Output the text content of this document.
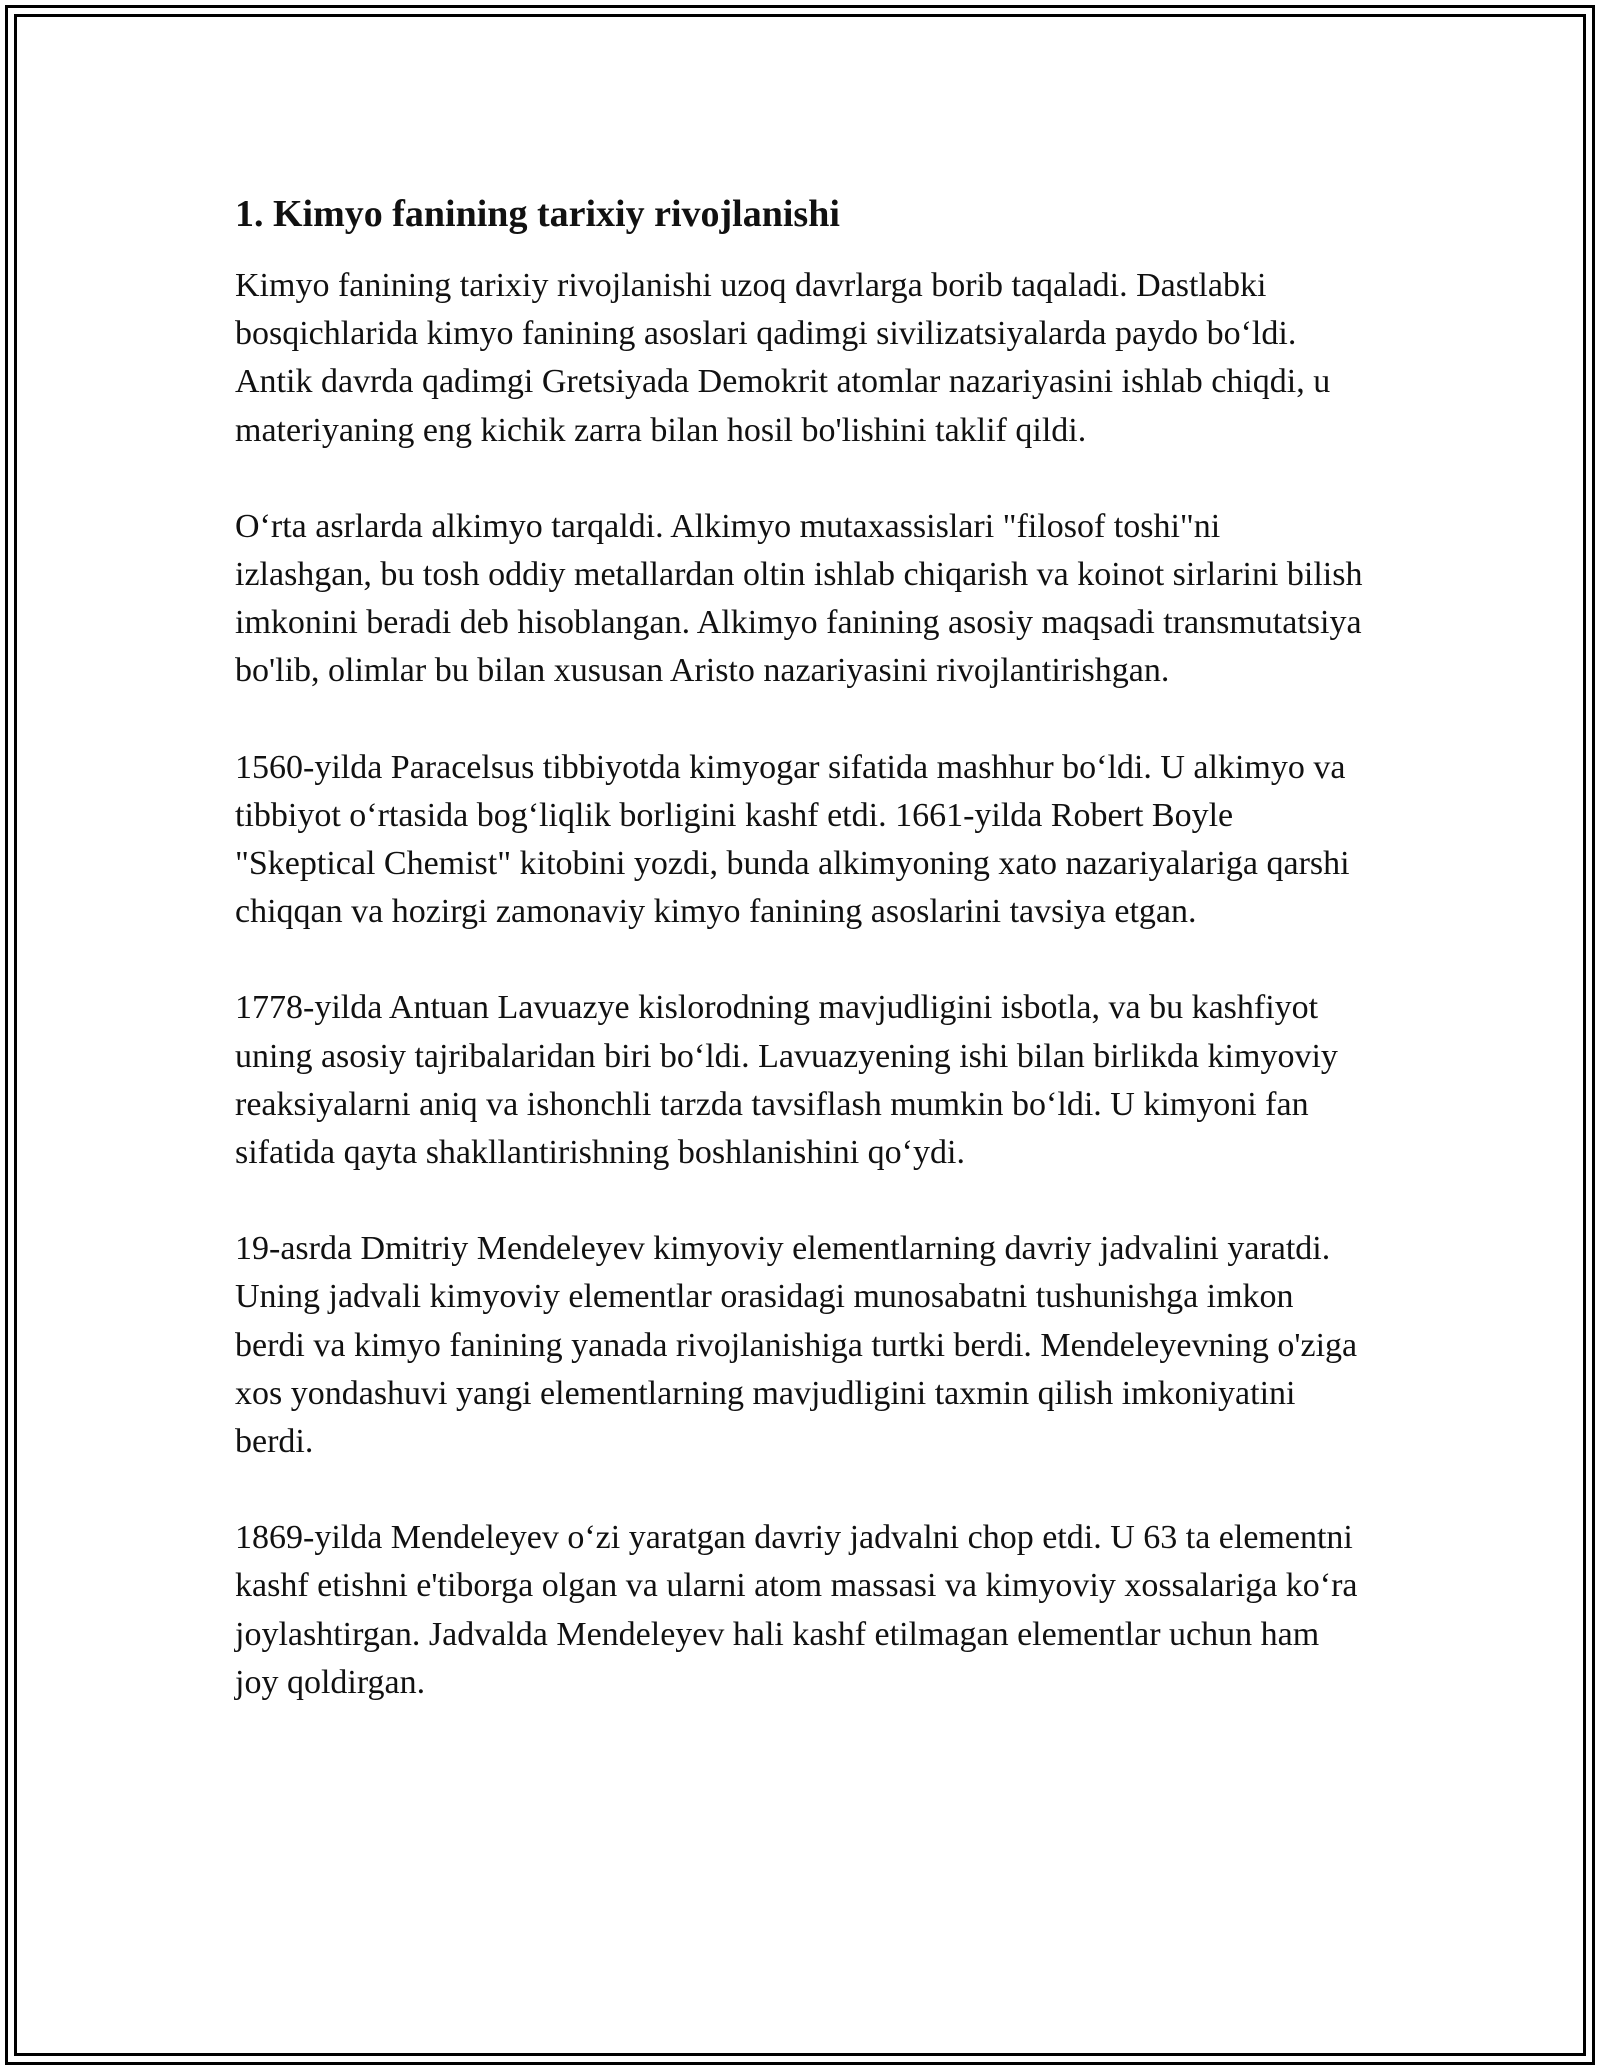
1. Kimyo fanining tarixiy rivojlanishi

Kimyo fanining tarixiy rivojlanishi uzoq davrlarga borib taqaladi. Dastlabki bosqichlarida kimyo fanining asoslari qadimgi sivilizatsiyalarda paydo bo‘ldi. Antik davrda qadimgi Gretsiyada Demokrit atomlar nazariyasini ishlab chiqdi, u materiyaning eng kichik zarra bilan hosil bo'lishini taklif qildi.

O‘rta asrlarda alkimyo tarqaldi. Alkimyo mutaxassislari "filosof toshi"ni izlashgan, bu tosh oddiy metallardan oltin ishlab chiqarish va koinot sirlarini bilish imkonini beradi deb hisoblangan. Alkimyo fanining asosiy maqsadi transmutatsiya bo'lib, olimlar bu bilan xususan Aristo nazariyasini rivojlantirishgan.

1560-yilda Paracelsus tibbiyotda kimyogar sifatida mashhur bo‘ldi. U alkimyo va tibbiyot o‘rtasida bog‘liqlik borligini kashf etdi. 1661-yilda Robert Boyle "Skeptical Chemist" kitobini yozdi, bunda alkimyoning xato nazariyalariga qarshi chiqqan va hozirgi zamonaviy kimyo fanining asoslarini tavsiya etgan.

1778-yilda Antuan Lavuazye kislorodning mavjudligini isbotla, va bu kashfiyot uning asosiy tajribalaridan biri bo‘ldi. Lavuazyening ishi bilan birlikda kimyoviy reaksiyalarni aniq va ishonchli tarzda tavsiflash mumkin bo‘ldi. U kimyoni fan sifatida qayta shakllantirishning boshlanishini qo‘ydi.

19-asrda Dmitriy Mendeleyev kimyoviy elementlarning davriy jadvalini yaratdi. Uning jadvali kimyoviy elementlar orasidagi munosabatni tushunishga imkon berdi va kimyo fanining yanada rivojlanishiga turtki berdi. Mendeleyevning o'ziga xos yondashuvi yangi elementlarning mavjudligini taxmin qilish imkoniyatini berdi.

1869-yilda Mendeleyev o‘zi yaratgan davriy jadvalni chop etdi. U 63 ta elementni kashf etishni e'tiborga olgan va ularni atom massasi va kimyoviy xossalariga ko‘ra joylashtirgan. Jadvalda Mendeleyev hali kashf etilmagan elementlar uchun ham joy qoldirgan.
